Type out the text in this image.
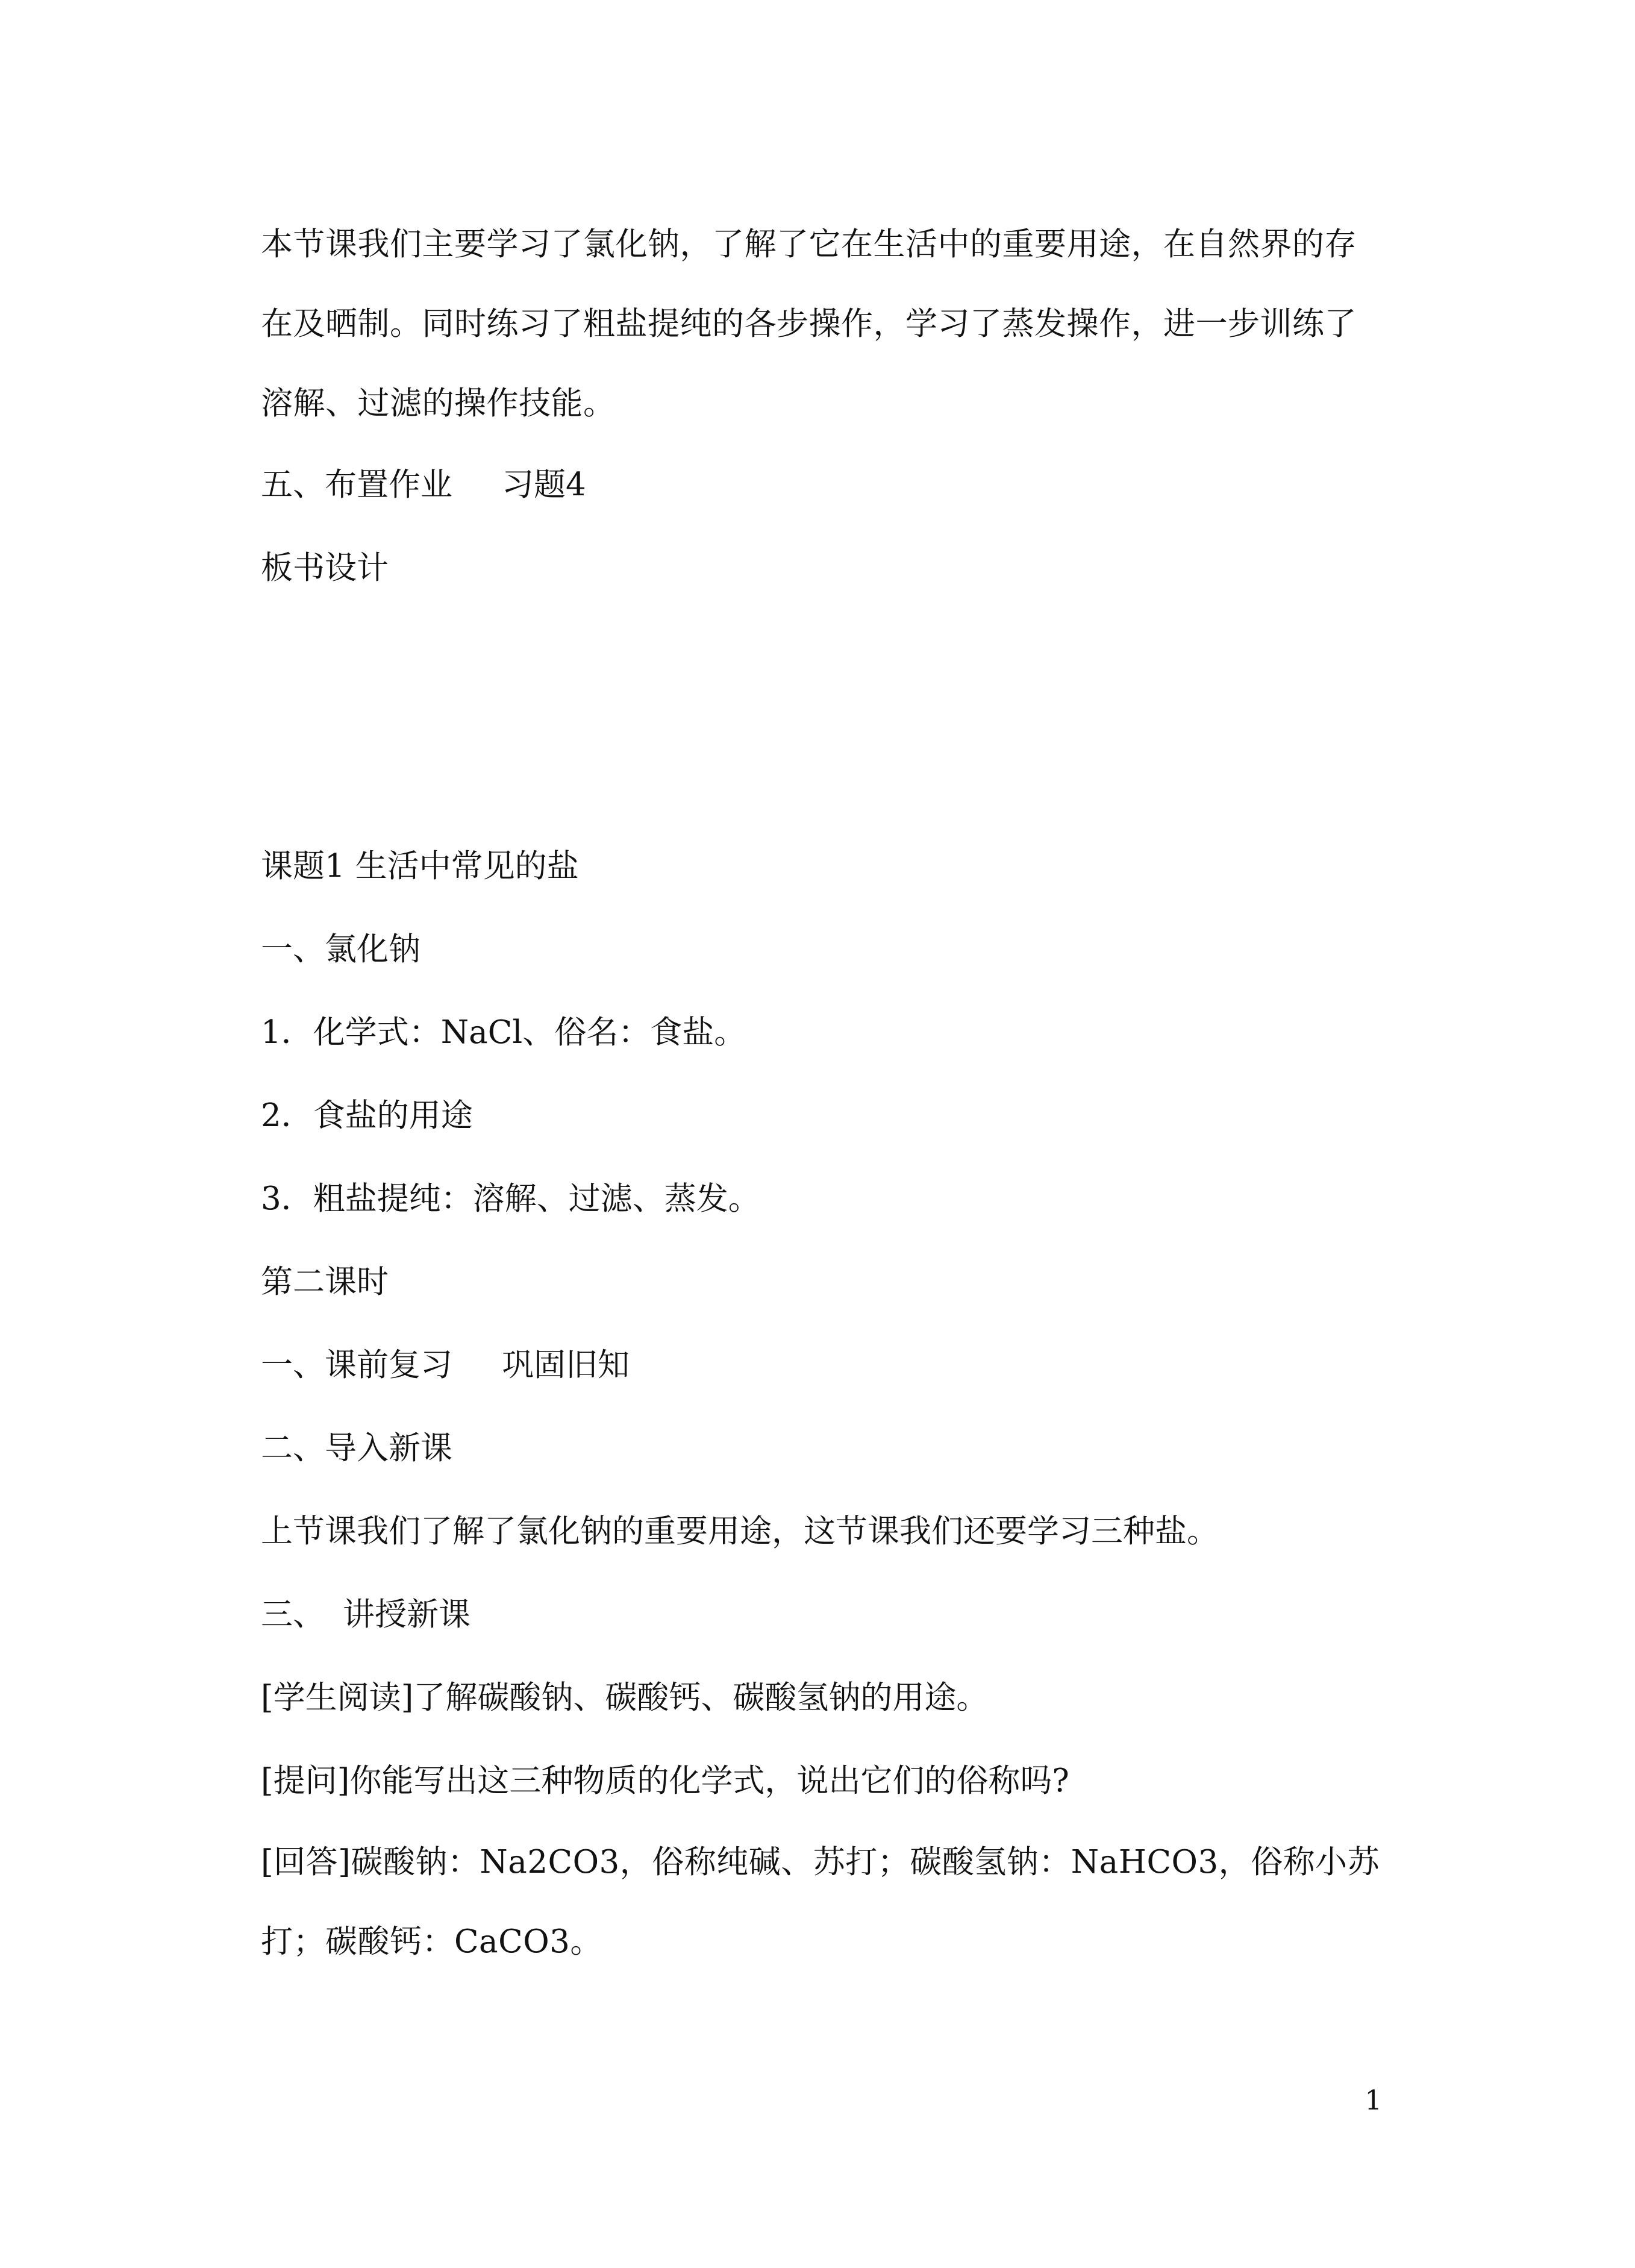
本节课我们主要学习了氯化钠，了解了它在生活中的重要用途，在自然界的存在及晒制。同时练习了粗盐提纯的各步操作，学习了蒸发操作，进一步训练了溶解、过滤的操作技能。

五、布置作业 习题4
板书设计
课题1 生活中常见的盐
一、氯化钠
1．化学式：NaCl、俗名：食盐。
2．食盐的用途
3．粗盐提纯：溶解、过滤、蒸发。
第二课时
一、课前复习 巩固旧知
二、导入新课
上节课我们了解了氯化钠的重要用途，这节课我们还要学习三种盐。
三、 讲授新课
[学生阅读]了解碳酸钠、碳酸钙、碳酸氢钠的用途。
[提问]你能写出这三种物质的化学式，说出它们的俗称吗?

[回答]碳酸钠：Na2CO3，俗称纯碱、苏打；碳酸氢钠：NaHCO3，俗称小苏打；碳酸钙：CaCO3。

1
